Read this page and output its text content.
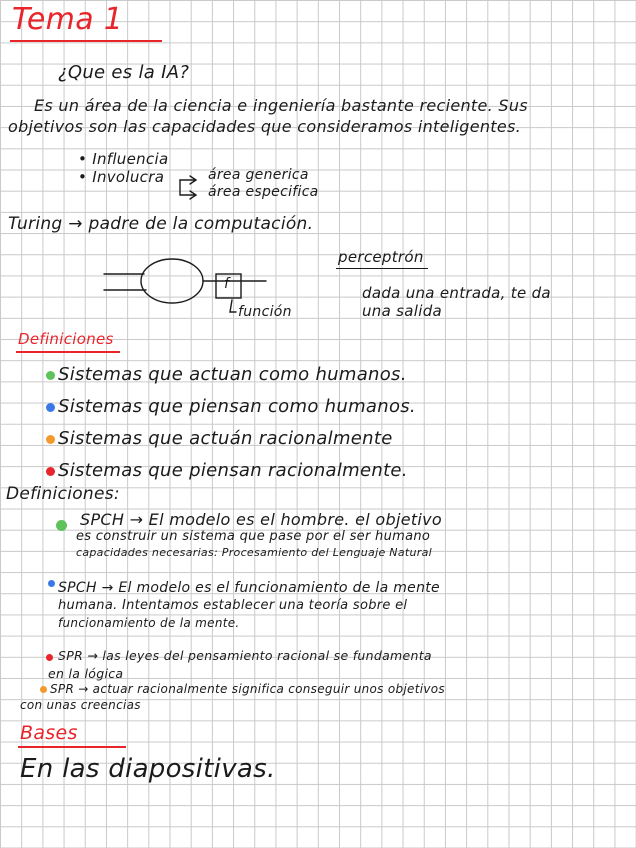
Tema 1
¿Que es la IA?
Es un área de la ciencia e ingeniería bastante reciente. Sus
objetivos son las capacidades que consideramos inteligentes.
• Influencia
• Involucra	área generica
área especifica
Turing → padre de la computación.
f
función
perceptrón
dada una entrada, te da
una salida
Definiciones
Sistemas que actuan como humanos.
Sistemas que piensan como humanos.
Sistemas que actuán racionalmente
Sistemas que piensan racionalmente.
Definiciones:
SPCH → El modelo es el hombre. el objetivo
es construir un sistema que pase por el ser humano
capacidades necesarias: Procesamiento del Lenguaje Natural
SPCH → El modelo es el funcionamiento de la mente
humana. Intentamos establecer una teoría sobre el
funcionamiento de la mente.
SPR → las leyes del pensamiento racional se fundamenta
en la lógica
SPR → actuar racionalmente significa conseguir unos objetivos
con unas creencias
Bases
En las diapositivas.
